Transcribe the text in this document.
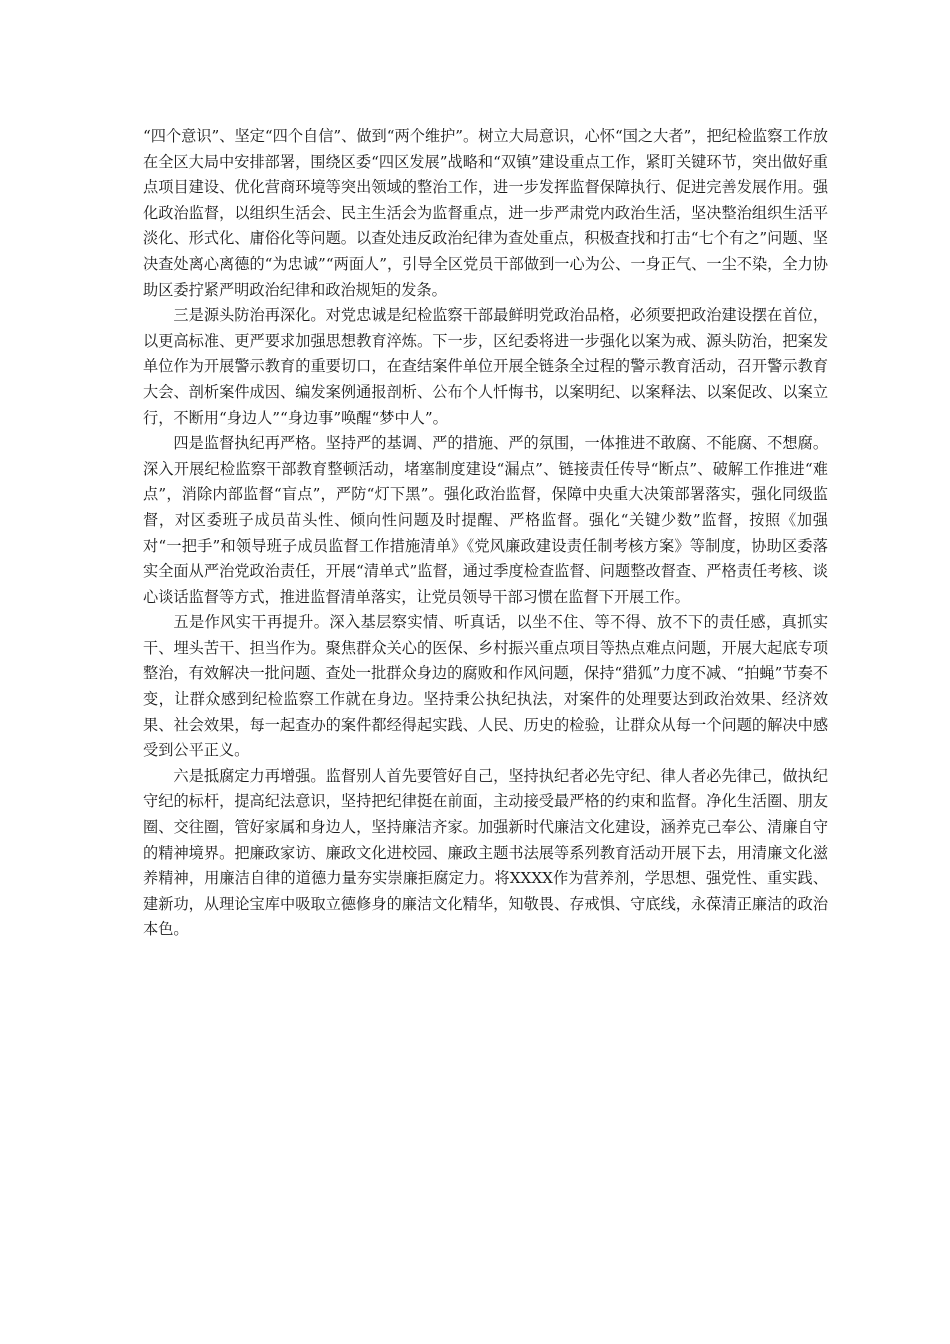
“四个意识”、坚定“四个自信”、做到“两个维护”。树立大局意识，心怀“国之大者”，把纪检监察工作放在全区大局中安排部署，围绕区委“四区发展”战略和“双镇”建设重点工作，紧盯关键环节，突出做好重点项目建设、优化营商环境等突出领域的整治工作，进一步发挥监督保障执行、促进完善发展作用。强化政治监督，以组织生活会、民主生活会为监督重点，进一步严肃党内政治生活，坚决整治组织生活平淡化、形式化、庸俗化等问题。以查处违反政治纪律为查处重点，积极查找和打击“七个有之”问题、坚决查处离心离德的“为忠诚”“两面人”，引导全区党员干部做到一心为公、一身正气、一尘不染，全力协助区委拧紧严明政治纪律和政治规矩的发条。

三是源头防治再深化。对党忠诚是纪检监察干部最鲜明党政治品格，必须要把政治建设摆在首位，以更高标准、更严要求加强思想教育淬炼。下一步，区纪委将进一步强化以案为戒、源头防治，把案发单位作为开展警示教育的重要切口，在查结案件单位开展全链条全过程的警示教育活动，召开警示教育大会、剖析案件成因、编发案例通报剖析、公布个人忏悔书，以案明纪、以案释法、以案促改、以案立行，不断用“身边人”“身边事”唤醒“梦中人”。

四是监督执纪再严格。坚持严的基调、严的措施、严的氛围，一体推进不敢腐、不能腐、不想腐。深入开展纪检监察干部教育整顿活动，堵塞制度建设“漏点”、链接责任传导“断点”、破解工作推进“难点”，消除内部监督“盲点”，严防“灯下黑”。强化政治监督，保障中央重大决策部署落实，强化同级监督，对区委班子成员苗头性、倾向性问题及时提醒、严格监督。强化“关键少数”监督，按照《加强对“一把手”和领导班子成员监督工作措施清单》《党风廉政建设责任制考核方案》等制度，协助区委落实全面从严治党政治责任，开展“清单式”监督，通过季度检查监督、问题整改督查、严格责任考核、谈心谈话监督等方式，推进监督清单落实，让党员领导干部习惯在监督下开展工作。

五是作风实干再提升。深入基层察实情、听真话，以坐不住、等不得、放不下的责任感，真抓实干、埋头苦干、担当作为。聚焦群众关心的医保、乡村振兴重点项目等热点难点问题，开展大起底专项整治，有效解决一批问题、查处一批群众身边的腐败和作风问题，保持“猎狐”力度不减、“拍蝇”节奏不变，让群众感到纪检监察工作就在身边。坚持秉公执纪执法，对案件的处理要达到政治效果、经济效果、社会效果，每一起查办的案件都经得起实践、人民、历史的检验，让群众从每一个问题的解决中感受到公平正义。

六是抵腐定力再增强。监督别人首先要管好自己，坚持执纪者必先守纪、律人者必先律己，做执纪守纪的标杆，提高纪法意识，坚持把纪律挺在前面，主动接受最严格的约束和监督。净化生活圈、朋友圈、交往圈，管好家属和身边人，坚持廉洁齐家。加强新时代廉洁文化建设，涵养克己奉公、清廉自守的精神境界。把廉政家访、廉政文化进校园、廉政主题书法展等系列教育活动开展下去，用清廉文化滋养精神，用廉洁自律的道德力量夯实崇廉拒腐定力。将XXXX作为营养剂，学思想、强党性、重实践、建新功，从理论宝库中吸取立德修身的廉洁文化精华，知敬畏、存戒惧、守底线，永葆清正廉洁的政治本色。
